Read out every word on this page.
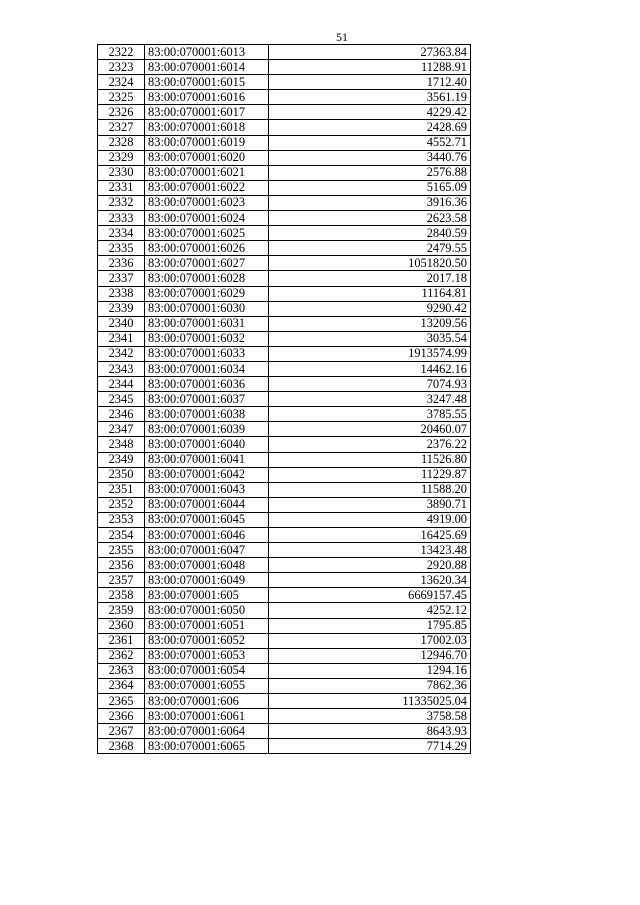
51
2322	83:00:070001:6013	27363.84
2323	83:00:070001:6014	11288.91
2324	83:00:070001:6015	1712.40
2325	83:00:070001:6016	3561.19
2326	83:00:070001:6017	4229.42
2327	83:00:070001:6018	2428.69
2328	83:00:070001:6019	4552.71
2329	83:00:070001:6020	3440.76
2330	83:00:070001:6021	2576.88
2331	83:00:070001:6022	5165.09
2332	83:00:070001:6023	3916.36
2333	83:00:070001:6024	2623.58
2334	83:00:070001:6025	2840.59
2335	83:00:070001:6026	2479.55
2336	83:00:070001:6027	1051820.50
2337	83:00:070001:6028	2017.18
2338	83:00:070001:6029	11164.81
2339	83:00:070001:6030	9290.42
2340	83:00:070001:6031	13209.56
2341	83:00:070001:6032	3035.54
2342	83:00:070001:6033	1913574.99
2343	83:00:070001:6034	14462.16
2344	83:00:070001:6036	7074.93
2345	83:00:070001:6037	3247.48
2346	83:00:070001:6038	3785.55
2347	83:00:070001:6039	20460.07
2348	83:00:070001:6040	2376.22
2349	83:00:070001:6041	11526.80
2350	83:00:070001:6042	11229.87
2351	83:00:070001:6043	11588.20
2352	83:00:070001:6044	3890.71
2353	83:00:070001:6045	4919.00
2354	83:00:070001:6046	16425.69
2355	83:00:070001:6047	13423.48
2356	83:00:070001:6048	2920.88
2357	83:00:070001:6049	13620.34
2358	83:00:070001:605	6669157.45
2359	83:00:070001:6050	4252.12
2360	83:00:070001:6051	1795.85
2361	83:00:070001:6052	17002.03
2362	83:00:070001:6053	12946.70
2363	83:00:070001:6054	1294.16
2364	83:00:070001:6055	7862.36
2365	83:00:070001:606	11335025.04
2366	83:00:070001:6061	3758.58
2367	83:00:070001:6064	8643.93
2368	83:00:070001:6065	7714.29
